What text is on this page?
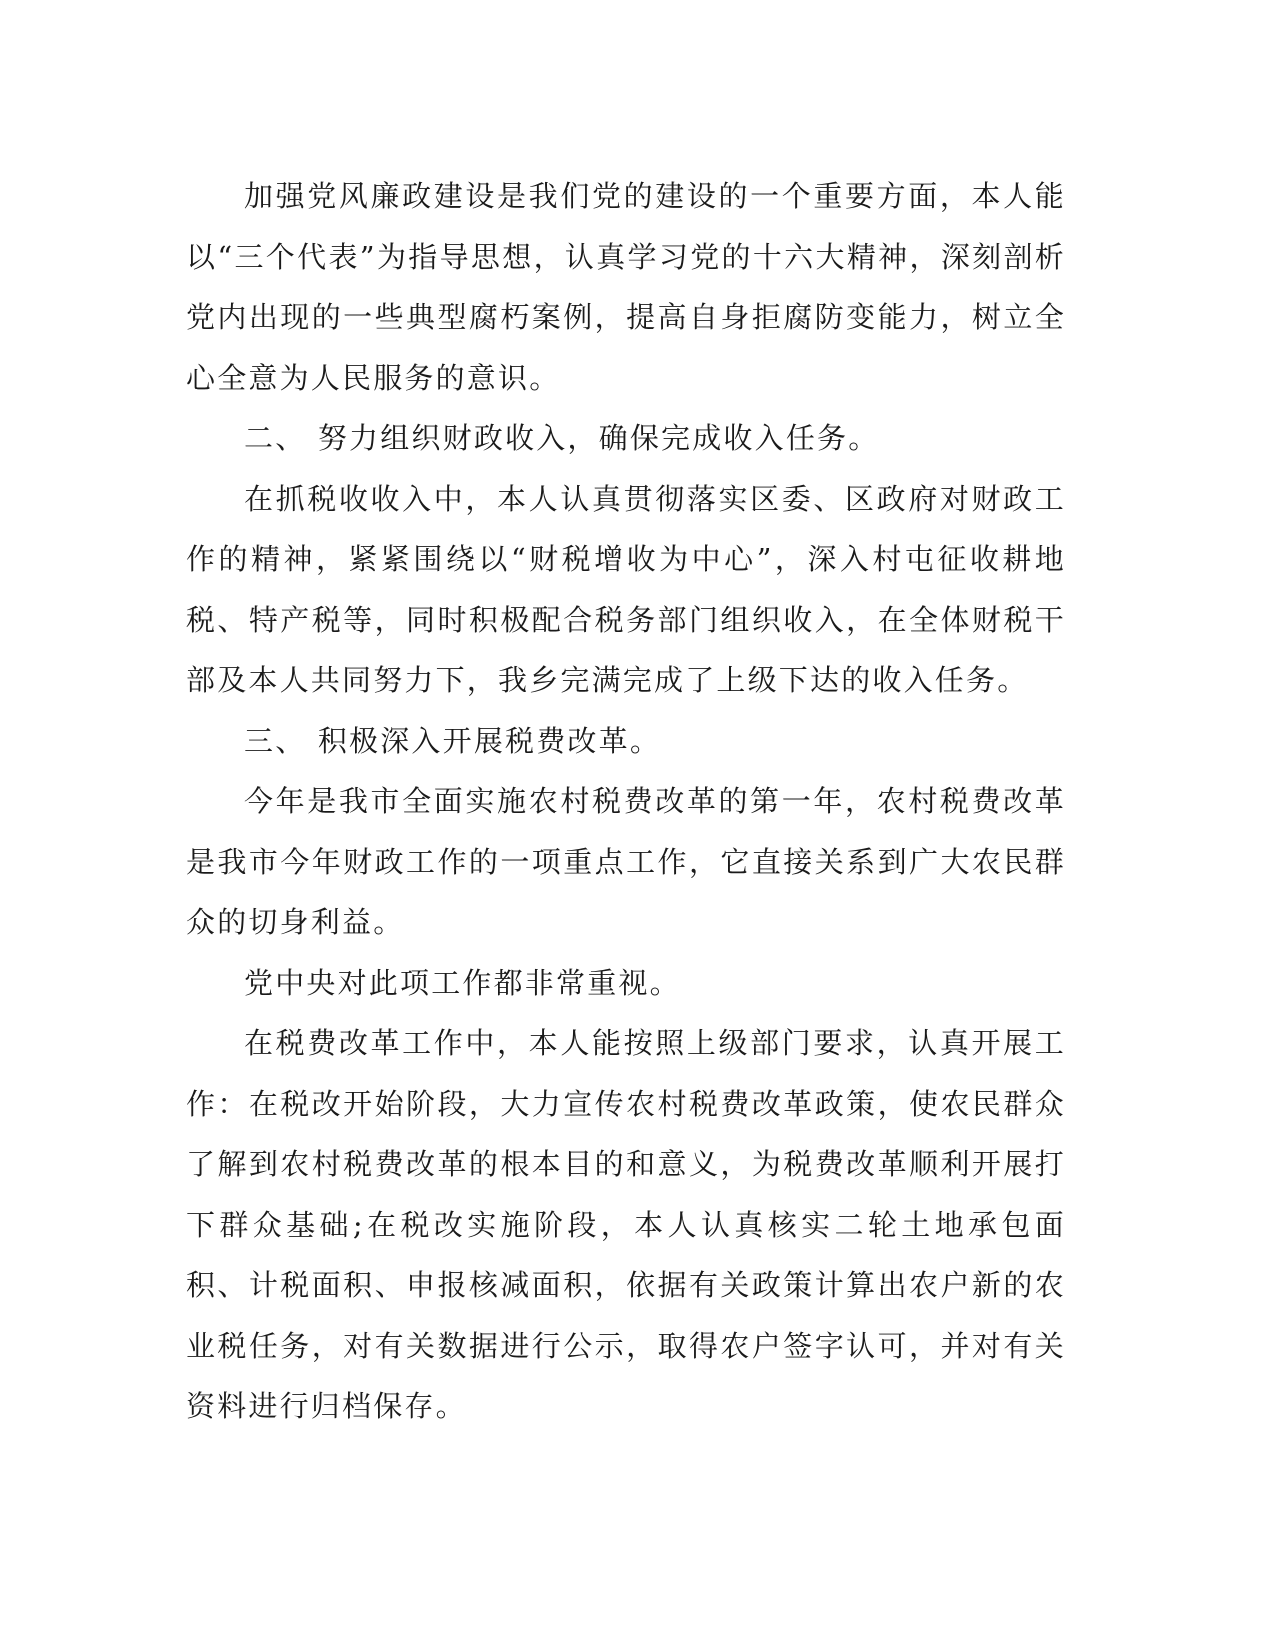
加强党风廉政建设是我们党的建设的一个重要方面，本人能以“三个代表”为指导思想，认真学习党的十六大精神，深刻剖析党内出现的一些典型腐朽案例，提高自身拒腐防变能力，树立全心全意为人民服务的意识。

二、 努力组织财政收入，确保完成收入任务。

在抓税收收入中，本人认真贯彻落实区委、区政府对财政工作的精神，紧紧围绕以“财税增收为中心”，深入村屯征收耕地税、特产税等，同时积极配合税务部门组织收入，在全体财税干部及本人共同努力下，我乡完满完成了上级下达的收入任务。

三、 积极深入开展税费改革。

今年是我市全面实施农村税费改革的第一年，农村税费改革是我市今年财政工作的一项重点工作，它直接关系到广大农民群众的切身利益。

党中央对此项工作都非常重视。

在税费改革工作中，本人能按照上级部门要求，认真开展工作：在税改开始阶段，大力宣传农村税费改革政策，使农民群众了解到农村税费改革的根本目的和意义，为税费改革顺利开展打下群众基础;在税改实施阶段，本人认真核实二轮土地承包面积、计税面积、申报核减面积，依据有关政策计算出农户新的农业税任务，对有关数据进行公示，取得农户签字认可，并对有关资料进行归档保存。
